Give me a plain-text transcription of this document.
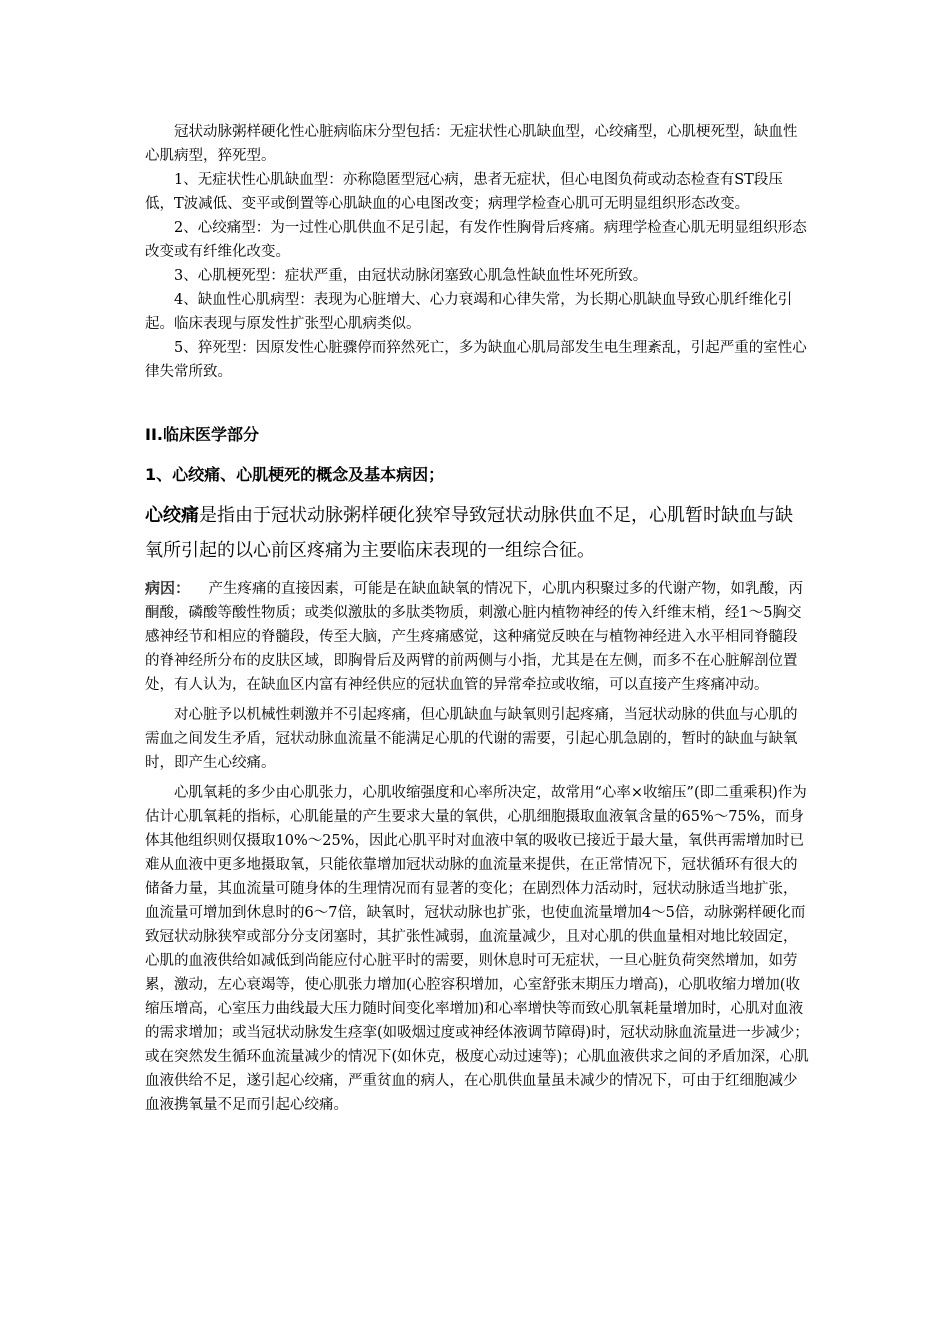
冠状动脉粥样硬化性心脏病临床分型包括：无症状性心肌缺血型，心绞痛型，心肌梗死型，缺血性心肌病型，猝死型。

1、无症状性心肌缺血型：亦称隐匿型冠心病，患者无症状，但心电图负荷或动态检查有ST段压低，T波减低、变平或倒置等心肌缺血的心电图改变；病理学检查心肌可无明显组织形态改变。

2、心绞痛型：为一过性心肌供血不足引起，有发作性胸骨后疼痛。病理学检查心肌无明显组织形态改变或有纤维化改变。

3、心肌梗死型：症状严重，由冠状动脉闭塞致心肌急性缺血性坏死所致。

4、缺血性心肌病型：表现为心脏增大、心力衰竭和心律失常，为长期心肌缺血导致心肌纤维化引起。临床表现与原发性扩张型心肌病类似。

5、猝死型：因原发性心脏骤停而猝然死亡，多为缺血心肌局部发生电生理紊乱，引起严重的室性心律失常所致。

II.临床医学部分

1、心绞痛、心肌梗死的概念及基本病因；

心绞痛是指由于冠状动脉粥样硬化狭窄导致冠状动脉供血不足，心肌暂时缺血与缺氧所引起的以心前区疼痛为主要临床表现的一组综合征。

病因： 产生疼痛的直接因素，可能是在缺血缺氧的情况下，心肌内积聚过多的代谢产物，如乳酸，丙酮酸，磷酸等酸性物质；或类似激肽的多肽类物质，刺激心脏内植物神经的传入纤维末梢，经1～5胸交感神经节和相应的脊髓段，传至大脑，产生疼痛感觉，这种痛觉反映在与植物神经进入水平相同脊髓段的脊神经所分布的皮肤区域，即胸骨后及两臂的前两侧与小指，尤其是在左侧，而多不在心脏解剖位置处，有人认为，在缺血区内富有神经供应的冠状血管的异常牵拉或收缩，可以直接产生疼痛冲动。

对心脏予以机械性刺激并不引起疼痛，但心肌缺血与缺氧则引起疼痛，当冠状动脉的供血与心肌的需血之间发生矛盾，冠状动脉血流量不能满足心肌的代谢的需要，引起心肌急剧的，暂时的缺血与缺氧时，即产生心绞痛。

心肌氧耗的多少由心肌张力，心肌收缩强度和心率所决定，故常用“心率×收缩压”(即二重乘积)作为估计心肌氧耗的指标，心肌能量的产生要求大量的氧供，心肌细胞摄取血液氧含量的65%～75%，而身体其他组织则仅摄取10%～25%，因此心肌平时对血液中氧的吸收已接近于最大量，氧供再需增加时已难从血液中更多地摄取氧，只能依靠增加冠状动脉的血流量来提供，在正常情况下，冠状循环有很大的储备力量，其血流量可随身体的生理情况而有显著的变化；在剧烈体力活动时，冠状动脉适当地扩张，血流量可增加到休息时的6～7倍，缺氧时，冠状动脉也扩张，也使血流量增加4～5倍，动脉粥样硬化而致冠状动脉狭窄或部分分支闭塞时，其扩张性减弱，血流量减少，且对心肌的供血量相对地比较固定，心肌的血液供给如减低到尚能应付心脏平时的需要，则休息时可无症状，一旦心脏负荷突然增加，如劳累，激动，左心衰竭等，使心肌张力增加(心腔容积增加，心室舒张末期压力增高)，心肌收缩力增加(收缩压增高，心室压力曲线最大压力随时间变化率增加)和心率增快等而致心肌氧耗量增加时，心肌对血液的需求增加；或当冠状动脉发生痉挛(如吸烟过度或神经体液调节障碍)时，冠状动脉血流量进一步减少；或在突然发生循环血流量减少的情况下(如休克，极度心动过速等)；心肌血液供求之间的矛盾加深，心肌血液供给不足，遂引起心绞痛，严重贫血的病人，在心肌供血量虽未减少的情况下，可由于红细胞减少血液携氧量不足而引起心绞痛。
